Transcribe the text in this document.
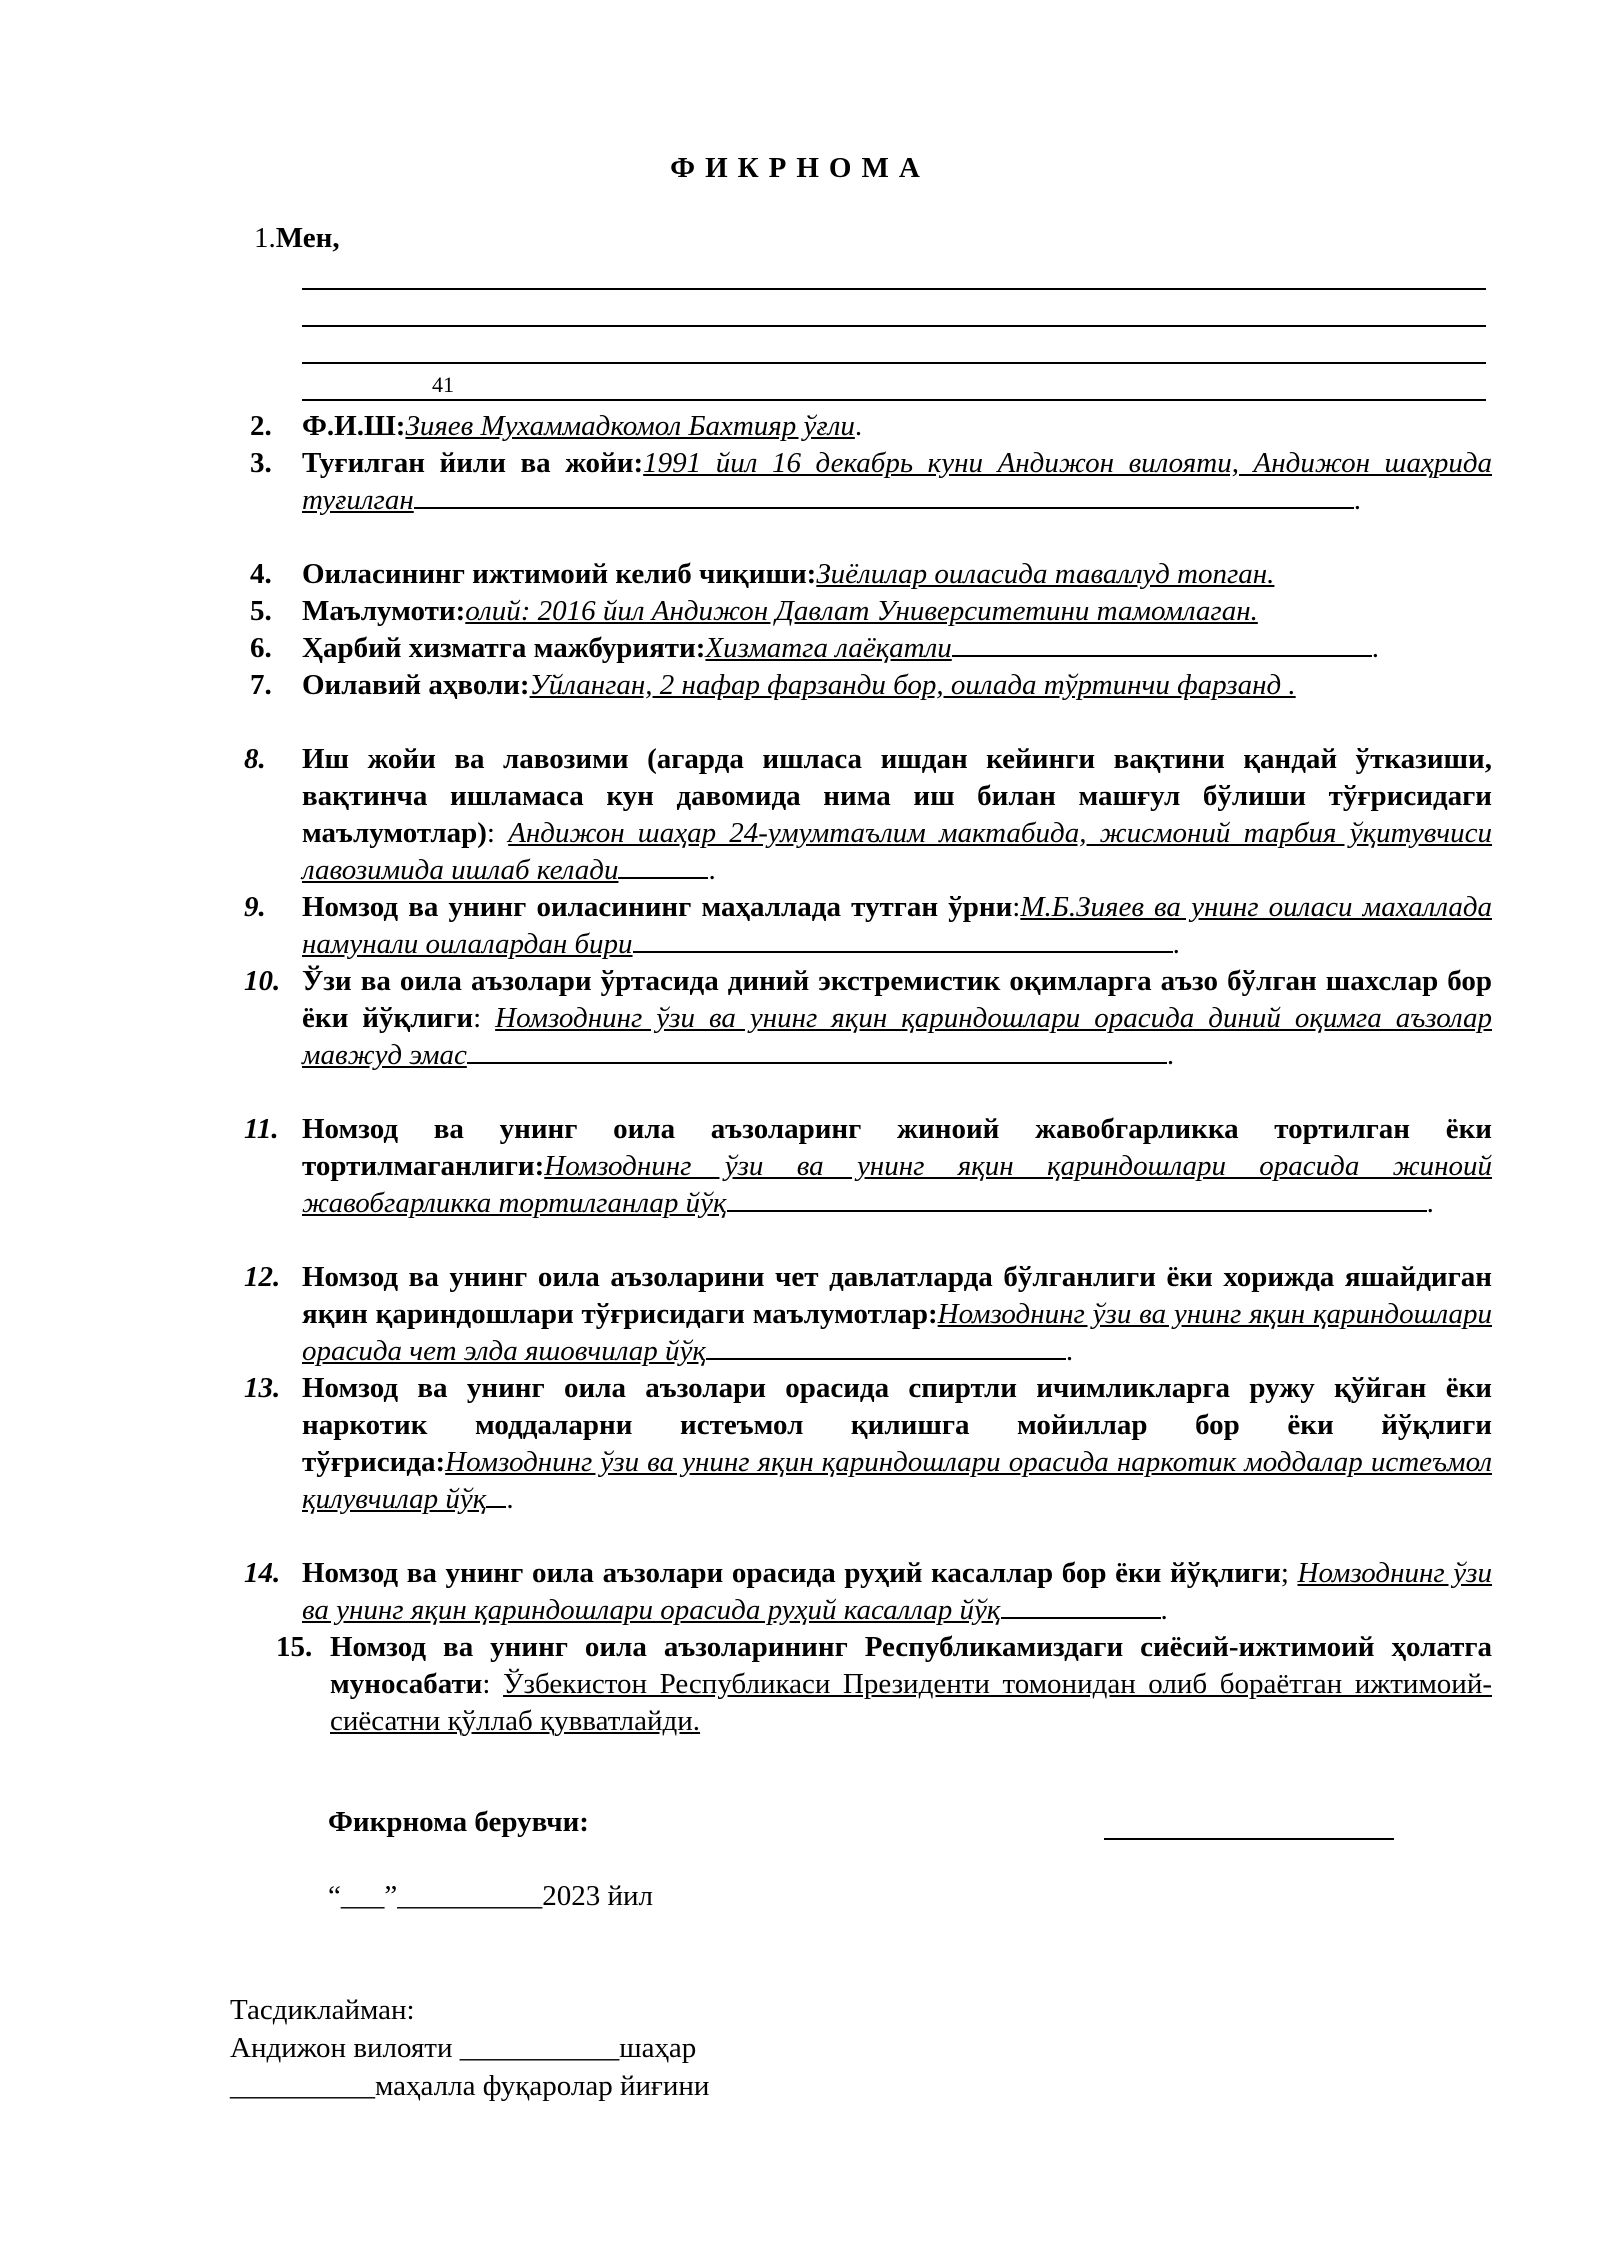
ФИКРНОМА
1.Мен,
41
2. Ф.И.Ш:Зияев Мухаммадкомол Бахтияр ўғли.
3. Туғилган йили ва жойи:1991 йил 16 декабрь куни Андижон вилояти, Андижон шаҳрида туғилган	.
4. Оиласининг ижтимоий келиб чиқиши:Зиёлилар оиласида таваллуд топган.
5. Маълумоти:олий: 2016 йил Андижон Давлат Университетини тамомлаган.
6. Ҳарбий хизматга мажбурияти:Хизматга лаёқатли	.
7. Оилавий аҳволи:Уйланган, 2 нафар фарзанди бор, оилада тўртинчи фарзанд .
8. Иш жойи ва лавозими (агарда ишласа ишдан кейинги вақтини қандай ўтказиши, вақтинча ишламаса кун давомида нима иш билан машғул бўлиши тўғрисидаги маълумотлар): Андижон шаҳар 24-умумтаълим мактабида, жисмоний тарбия ўқитувчиси лавозимида ишлаб келади	.
9. Номзод ва унинг оиласининг маҳаллада тутган ўрни:М.Б.Зияев ва унинг оиласи махаллада намунали оилалардан бири	.
10. Ўзи ва оила аъзолари ўртасида диний экстремистик оқимларга аъзо бўлган шахслар бор ёки йўқлиги: Номзоднинг ўзи ва унинг яқин қариндошлари орасида диний оқимга аъзолар мавжуд эмас	.
11. Номзод ва унинг оила аъзоларинг жиноий жавобгарликка тортилган ёки тортилмаганлиги:Номзоднинг ўзи ва унинг яқин қариндошлари орасида жиноий жавобгарликка тортилганлар йўқ	.
12. Номзод ва унинг оила аъзоларини чет давлатларда бўлганлиги ёки хорижда яшайдиган яқин қариндошлари тўғрисидаги маълумотлар:Номзоднинг ўзи ва унинг яқин қариндошлари орасида чет элда яшовчилар йўқ	.
13. Номзод ва унинг оила аъзолари орасида спиртли ичимликларга ружу қўйган ёки наркотик моддаларни истеъмол қилишга мойиллар бор ёки йўқлиги тўғрисида:Номзоднинг ўзи ва унинг яқин қариндошлари орасида наркотик моддалар истеъмол қилувчилар йўқ .
14. Номзод ва унинг оила аъзолари орасида руҳий касаллар бор ёки йўқлиги; Номзоднинг ўзи ва унинг яқин қариндошлари орасида руҳий касаллар йўқ	.
15. Номзод ва унинг оила аъзоларининг Республикамиздаги сиёсий-ижтимоий ҳолатга муносабати: Ўзбекистон Республикаси Президенти томонидан олиб бораётган ижтимоий-сиёсатни қўллаб қувватлайди.
Фикрнома берувчи:
“___”__________2023 йил
Тасдиклайман:
Андижон вилояти ___________шаҳар
__________маҳалла фуқаролар йиғини
